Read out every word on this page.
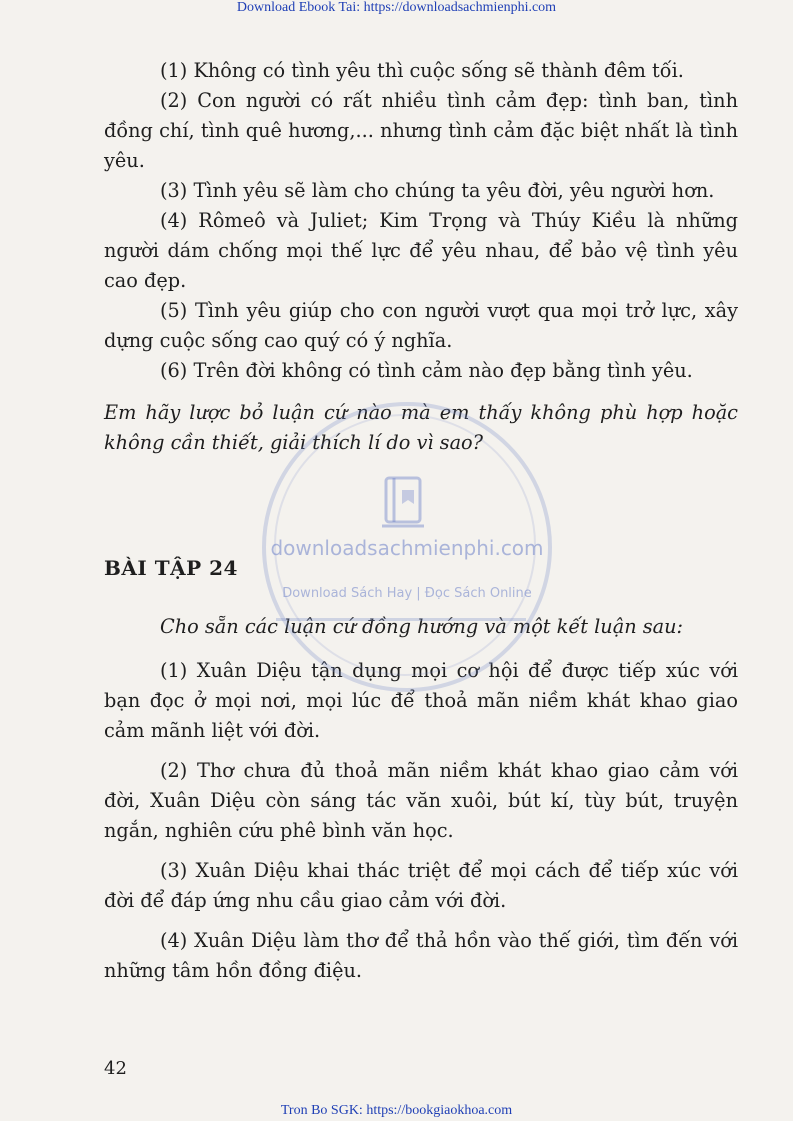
Download Ebook Tai: https://downloadsachmienphi.com

(1) Không có tình yêu thì cuộc sống sẽ thành đêm tối.

(2) Con người có rất nhiều tình cảm đẹp: tình ban, tình đồng chí, tình quê hương,... nhưng tình cảm đặc biệt nhất là tình yêu.

(3) Tình yêu sẽ làm cho chúng ta yêu đời, yêu người hơn.

(4) Rômeô và Juliet; Kim Trọng và Thúy Kiều là những người dám chống mọi thế lực để yêu nhau, để bảo vệ tình yêu cao đẹp.

(5) Tình yêu giúp cho con người vượt qua mọi trở lực, xây dựng cuộc sống cao quý có ý nghĩa.

(6) Trên đời không có tình cảm nào đẹp bằng tình yêu.

Em hãy lược bỏ luận cứ nào mà em thấy không phù hợp hoặc không cần thiết, giải thích lí do vì sao?

BÀI TẬP 24

Cho sẵn các luận cứ đồng hướng và một kết luận sau:

(1) Xuân Diệu tận dụng mọi cơ hội để được tiếp xúc với bạn đọc ở mọi nơi, mọi lúc để thoả mãn niềm khát khao giao cảm mãnh liệt với đời.

(2) Thơ chưa đủ thoả mãn niềm khát khao giao cảm với đời, Xuân Diệu còn sáng tác văn xuôi, bút kí, tùy bút, truyện ngắn, nghiên cứu phê bình văn học.

(3) Xuân Diệu khai thác triệt để mọi cách để tiếp xúc với đời để đáp ứng nhu cầu giao cảm với đời.

(4) Xuân Diệu làm thơ để thả hồn vào thế giới, tìm đến với những tâm hồn đồng điệu.

42
downloadsachmienphi.com
Download Sách Hay | Đọc Sách Online
Tron Bo SGK: https://bookgiaokhoa.com
